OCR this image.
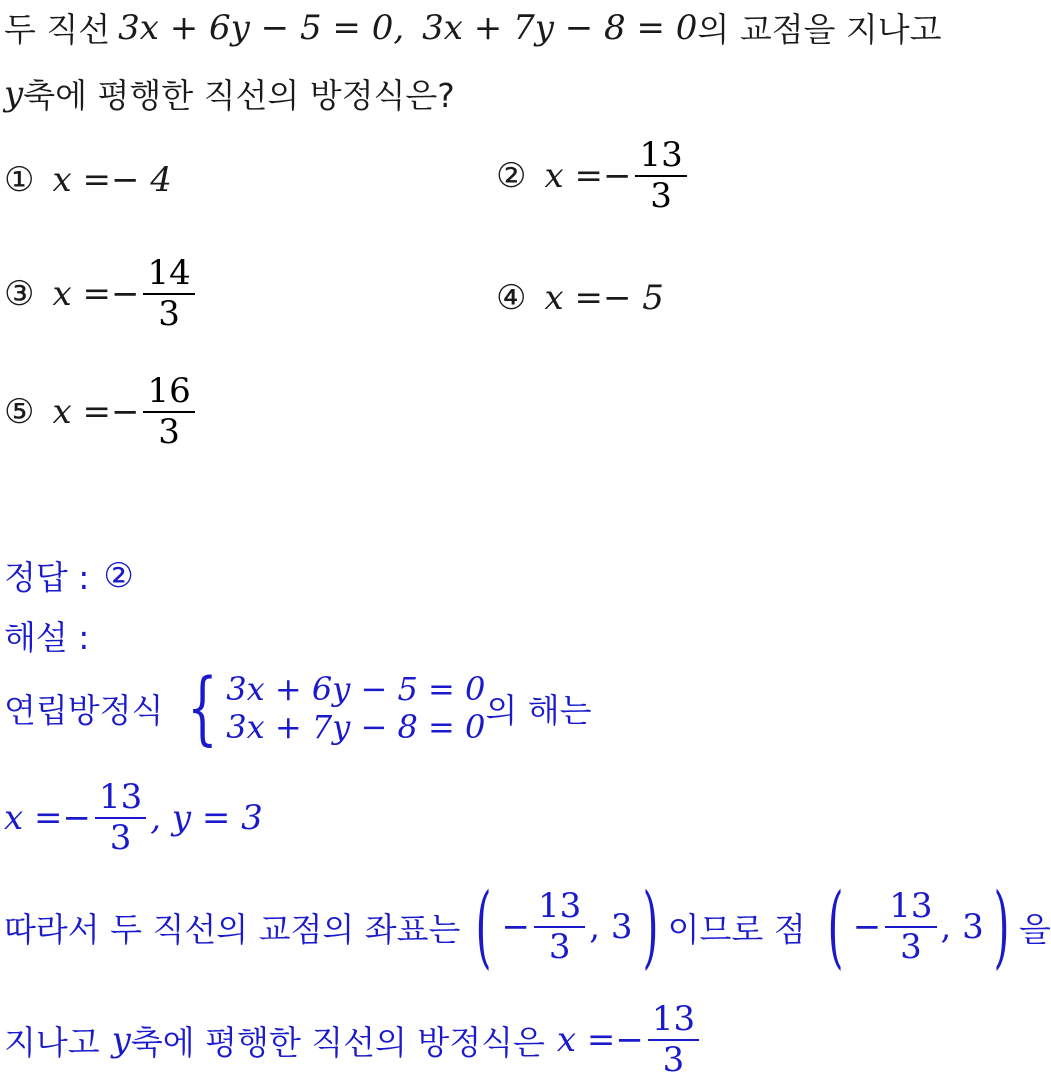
두 직선 3x + 6y − 5 = 0, 3x + 7y − 8 = 0 의 교점을 지나고
y 축에 평행한 직선의 방정식은?
① x =− 4	② $x =- \frac{13}{3}$
③ $x =- \frac{14}{3}$	④ x =− 5
⑤ $x =- \frac{16}{3}$
정답 : ②
해설 :
연립방정식 { 3x + 6y − 5 = 0
3x + 7y − 8 = 0 의 해는
$x =- \frac{13}{3}$ , y = 3
따라서 두 직선의 교점의 좌표는 ( − $\frac{13}{3}$ , 3 ) 이므로 점 ( − $\frac{13}{3}$ , 3 ) 을
지나고 y 축에 평행한 직선의 방정식은 $x =- \frac{13}{3}$
